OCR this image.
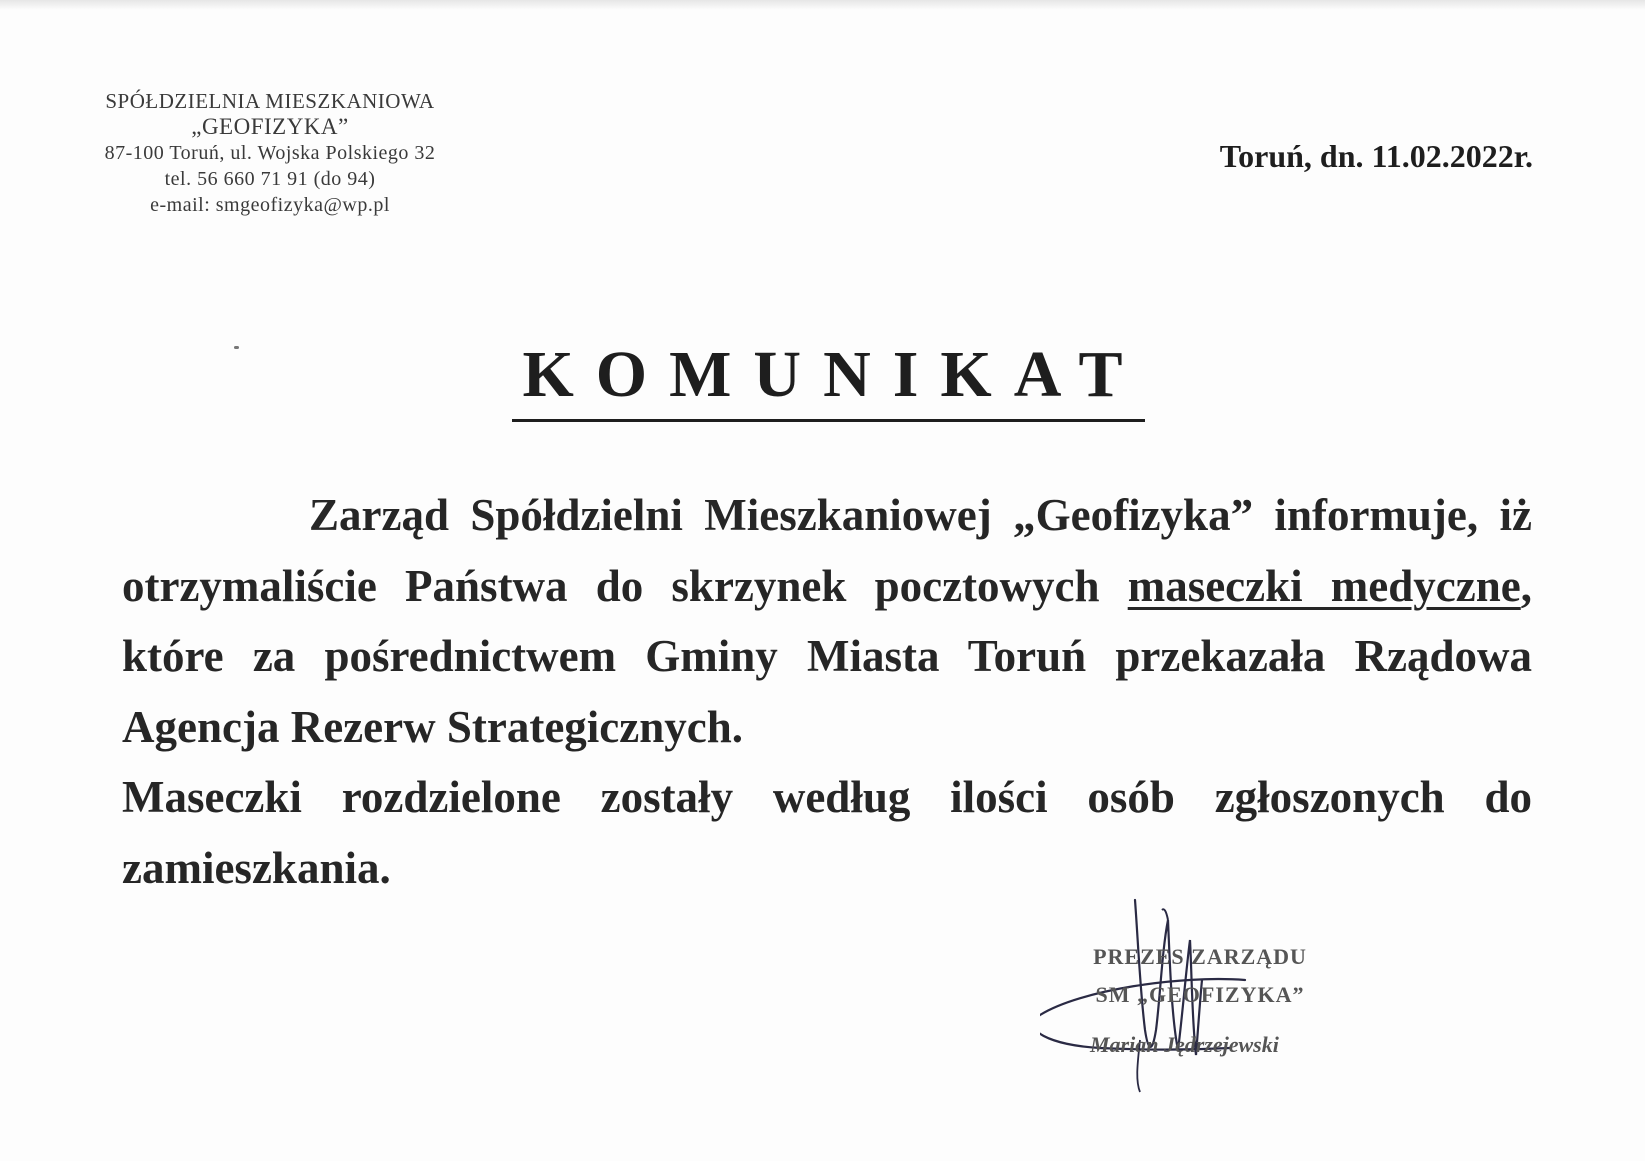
SPÓŁDZIELNIA MIESZKANIOWA
„GEOFIZYKA”
87-100 Toruń, ul. Wojska Polskiego 32
tel. 56 660 71 91 (do 94)
e-mail: smgeofizyka@wp.pl
Toruń, dn. 11.02.2022r.
KOMUNIKAT

Zarząd Spółdzielni Mieszkaniowej „Geofizyka” informuje, iż otrzymaliście Państwa do skrzynek pocztowych maseczki medyczne, które za pośrednictwem Gminy Miasta Toruń przekazała Rządowa Agencja Rezerw Strategicznych.

Maseczki rozdzielone zostały według ilości osób zgłoszonych do zamieszkania.

PREZES ZARZĄDU
SM „GEOFIZYKA”
Marian Jędrzejewski
